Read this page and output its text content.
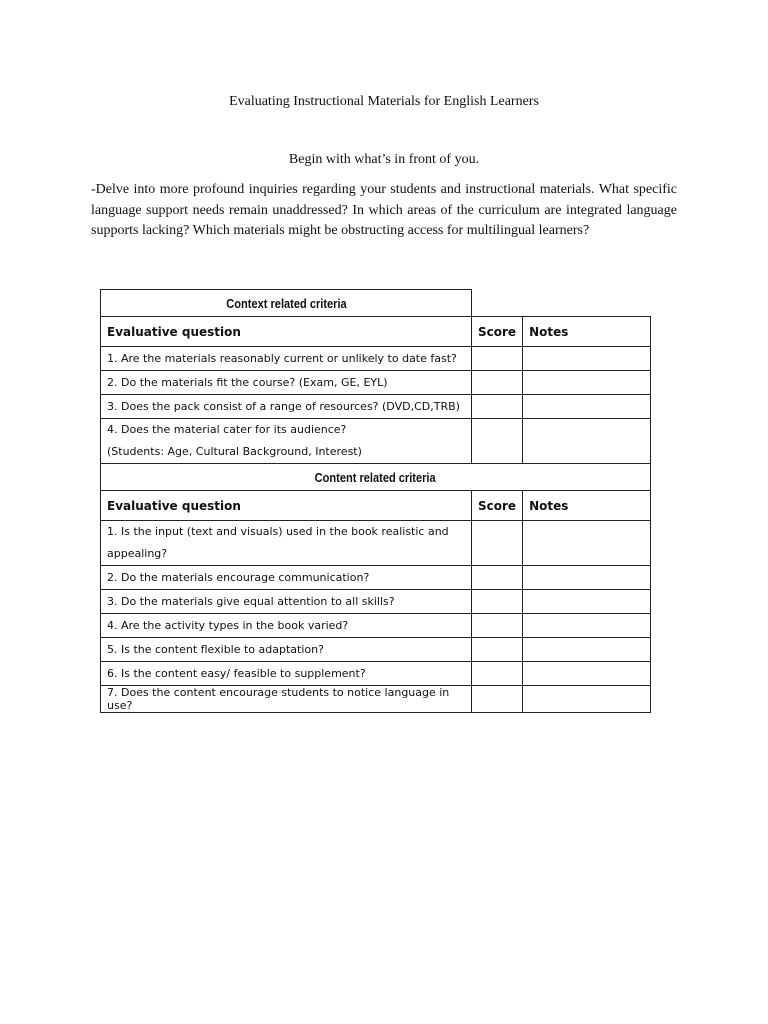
Evaluating Instructional Materials for English Learners
Begin with what’s in front of you.

-Delve into more profound inquiries regarding your students and instructional materials. What specific language support needs remain unaddressed? In which areas of the curriculum are integrated language supports lacking? Which materials might be obstructing access for multilingual learners?

Context related criteria		
Evaluative question	Score	Notes
1. Are the materials reasonably current or unlikely to date fast?		
2. Do the materials fit the course? (Exam, GE, EYL)		
3. Does the pack consist of a range of resources? (DVD,CD,TRB)		
4. Does the material cater for its audience?
(Students: Age, Cultural Background, Interest)		
Content related criteria		
Evaluative question	Score	Notes
1. Is the input (text and visuals) used in the book realistic and
appealing?		
2. Do the materials encourage communication?		
3. Do the materials give equal attention to all skills?		
4. Are the activity types in the book varied?		
5. Is the content flexible to adaptation?		
6. Is the content easy/ feasible to supplement?		
7. Does the content encourage students to notice language in use?		
